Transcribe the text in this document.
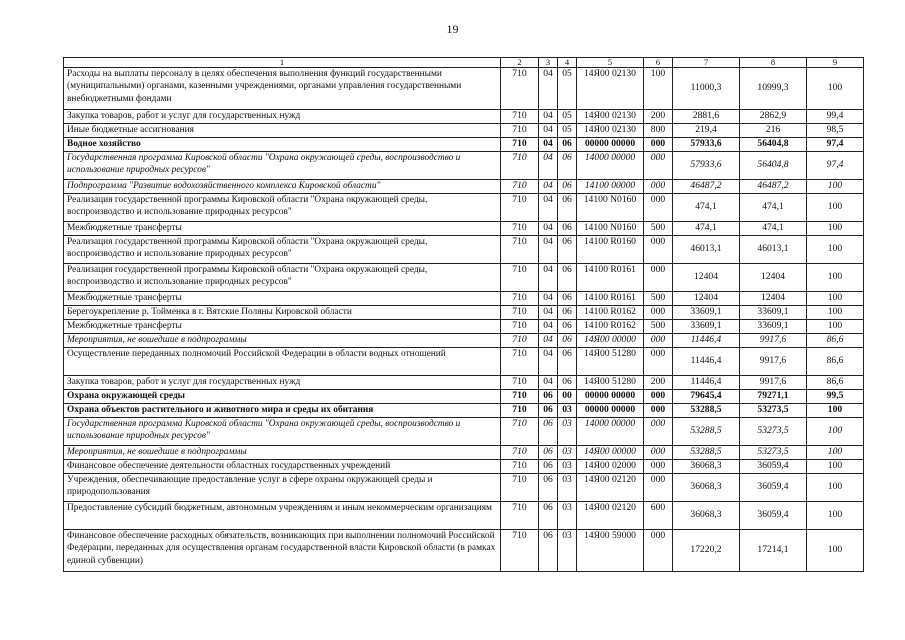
19
1	2	3	4	5	6	7	8	9
Расходы на выплаты персоналу в целях обеспечения выполнения функций государственными (муниципальными) органами, казенными учреждениями, органами управления государственными внебюджетными фондами	710	04	05	14Я00 02130	100	11000,3	10999,3	100
Закупка товаров, работ и услуг для государственных нужд	710	04	05	14Я00 02130	200	2881,6	2862,9	99,4
Иные бюджетные ассигнования	710	04	05	14Я00 02130	800	219,4	216	98,5
Водное хозяйство	710	04	06	00000 00000	000	57933,6	56404,8	97,4
Государственная программа Кировской области "Охрана окружающей среды, воспроизводство и использование природных ресурсов"	710	04	06	14000 00000	000	57933,6	56404,8	97,4
Подпрограмма "Развитие водохозяйственного комплекса Кировской области"	710	04	06	14100 00000	000	46487,2	46487,2	100
Реализация государственной программы Кировской области "Охрана окружающей среды, воспроизводство и использование природных ресурсов"	710	04	06	14100 N0160	000	474,1	474,1	100
Межбюджетные трансферты	710	04	06	14100 N0160	500	474,1	474,1	100
Реализация государственной программы Кировской области "Охрана окружающей среды, воспроизводство и использование природных ресурсов"	710	04	06	14100 R0160	000	46013,1	46013,1	100
Реализация государственной программы Кировской области "Охрана окружающей среды, воспроизводство и использование природных ресурсов"	710	04	06	14100 R0161	000	12404	12404	100
Межбюджетные трансферты	710	04	06	14100 R0161	500	12404	12404	100
Берегоукрепление р. Тойменка в г. Вятские Поляны Кировской области	710	04	06	14100 R0162	000	33609,1	33609,1	100
Межбюджетные трансферты	710	04	06	14100 R0162	500	33609,1	33609,1	100
Мероприятия, не вошедшие в подпрограммы	710	04	06	14Я00 00000	000	11446,4	9917,6	86,6
Осуществление переданных полномочий Российской Федерации в области водных отношений	710	04	06	14Я00 51280	000	11446,4	9917,6	86,6
Закупка товаров, работ и услуг для государственных нужд	710	04	06	14Я00 51280	200	11446,4	9917,6	86,6
Охрана окружающей среды	710	06	00	00000 00000	000	79645,4	79271,1	99,5
Охрана объектов растительного и животного мира и среды их обитания	710	06	03	00000 00000	000	53288,5	53273,5	100
Государственная программа Кировской области "Охрана окружающей среды, воспроизводство и использование природных ресурсов"	710	06	03	14000 00000	000	53288,5	53273,5	100
Мероприятия, не вошедшие в подпрограммы	710	06	03	14Я00 00000	000	53288,5	53273,5	100
Финансовое обеспечение деятельности областных государственных учреждений	710	06	03	14Я00 02000	000	36068,3	36059,4	100
Учреждения, обеспечивающие предоставление услуг в сфере охраны окружающей среды и природопользования	710	06	03	14Я00 02120	000	36068,3	36059,4	100
Предоставление субсидий бюджетным, автономным учреждениям и иным некоммерческим организациям	710	06	03	14Я00 02120	600	36068,3	36059,4	100
Финансовое обеспечение расходных обязательств, возникающих при выполнении полномочий Российской Федерации, переданных для осуществления органам государственной власти Кировской области (в рамках единой субвенции)	710	06	03	14Я00 59000	000	17220,2	17214,1	100
